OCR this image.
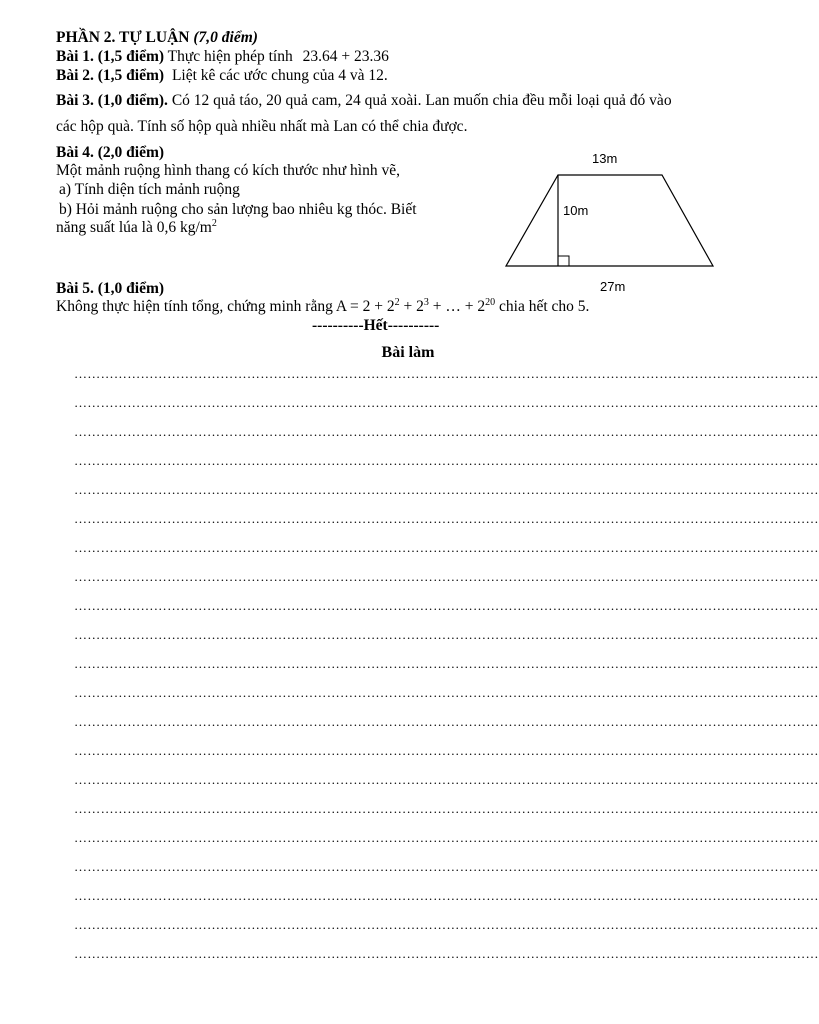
PHẦN 2. TỰ LUẬN (7,0 điểm)
Bài 1. (1,5 điểm) Thực hiện phép tính 23.64 + 23.36
Bài 2. (1,5 điểm) Liệt kê các ước chung của 4 và 12.
Bài 3. (1,0 điểm). Có 12 quả táo, 20 quả cam, 24 quả xoài. Lan muốn chia đều mỗi loại quả đó vào
các hộp quà. Tính số hộp quà nhiều nhất mà Lan có thể chia được.
Bài 4. (2,0 điểm)
Một mảnh ruộng hình thang có kích thước như hình vẽ,
a) Tính diện tích mảnh ruộng
b) Hỏi mảnh ruộng cho sản lượng bao nhiêu kg thóc. Biết
năng suất lúa là 0,6 $kg/m^2$
13m
10m
27m
Bài 5. (1,0 điểm)
Không thực hiện tính tổng, chứng minh rằng $A = 2 + 2^2 + 2^3$ + … + $2^{20}$ chia hết cho 5.
----------Hết----------
Bài làm
……………………………………………………………………………………………………………………………………………………
……………………………………………………………………………………………………………………………………………………
……………………………………………………………………………………………………………………………………………………
……………………………………………………………………………………………………………………………………………………
……………………………………………………………………………………………………………………………………………………
……………………………………………………………………………………………………………………………………………………
……………………………………………………………………………………………………………………………………………………
……………………………………………………………………………………………………………………………………………………
……………………………………………………………………………………………………………………………………………………
……………………………………………………………………………………………………………………………………………………
……………………………………………………………………………………………………………………………………………………
……………………………………………………………………………………………………………………………………………………
……………………………………………………………………………………………………………………………………………………
……………………………………………………………………………………………………………………………………………………
……………………………………………………………………………………………………………………………………………………
……………………………………………………………………………………………………………………………………………………
……………………………………………………………………………………………………………………………………………………
……………………………………………………………………………………………………………………………………………………
……………………………………………………………………………………………………………………………………………………
……………………………………………………………………………………………………………………………………………………
……………………………………………………………………………………………………………………………………………………
